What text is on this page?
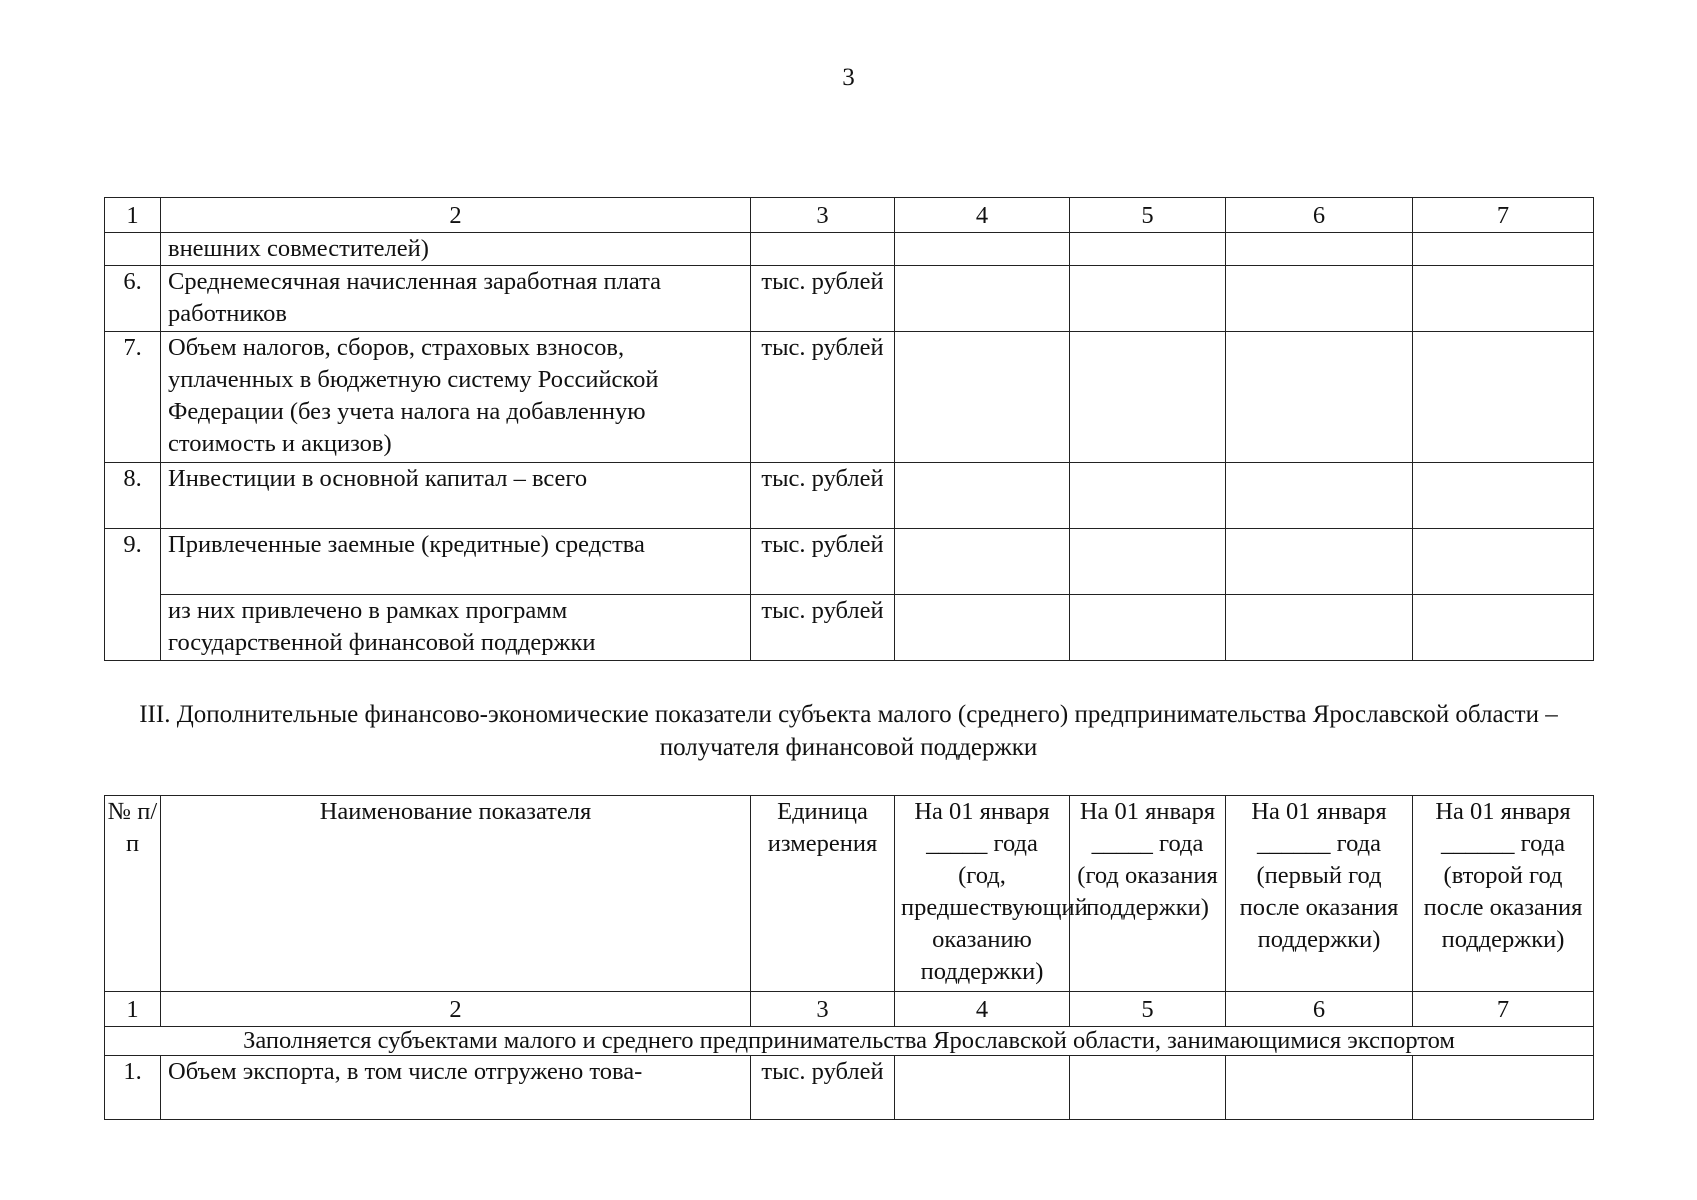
3
1	2	3	4	5	6	7
	внешних совместителей)					
6.	Среднемесячная начисленная заработная плата работников	тыс. рублей				
7.	Объем налогов, сборов, страховых взносов, уплаченных в бюджетную систему Российской Федерации (без учета налога на добавленную стоимость и акцизов)	тыс. рублей				
8.	Инвестиции в основной капитал – всего	тыс. рублей				
9.	Привлеченные заемные (кредитные) средства	тыс. рублей				
	из них привлечено в рамках программ государственной финансовой поддержки	тыс. рублей				
III. Дополнительные финансово-экономические показатели субъекта малого (среднего) предпринимательства Ярославской области – получателя финансовой поддержки
№ п/п	Наименование показателя	Единица измерения	На 01 января _____ года (год, предшествующий оказанию поддержки)	На 01 января _____ года (год оказания поддержки)	На 01 января ______ года (первый год после оказания поддержки)	На 01 января ______ года (второй год после оказания поддержки)
1	2	3	4	5	6	7
Заполняется субъектами малого и среднего предпринимательства Ярославской области, занимающимися экспортом						
1.	Объем экспорта, в том числе отгружено това-	тыс. рублей				
